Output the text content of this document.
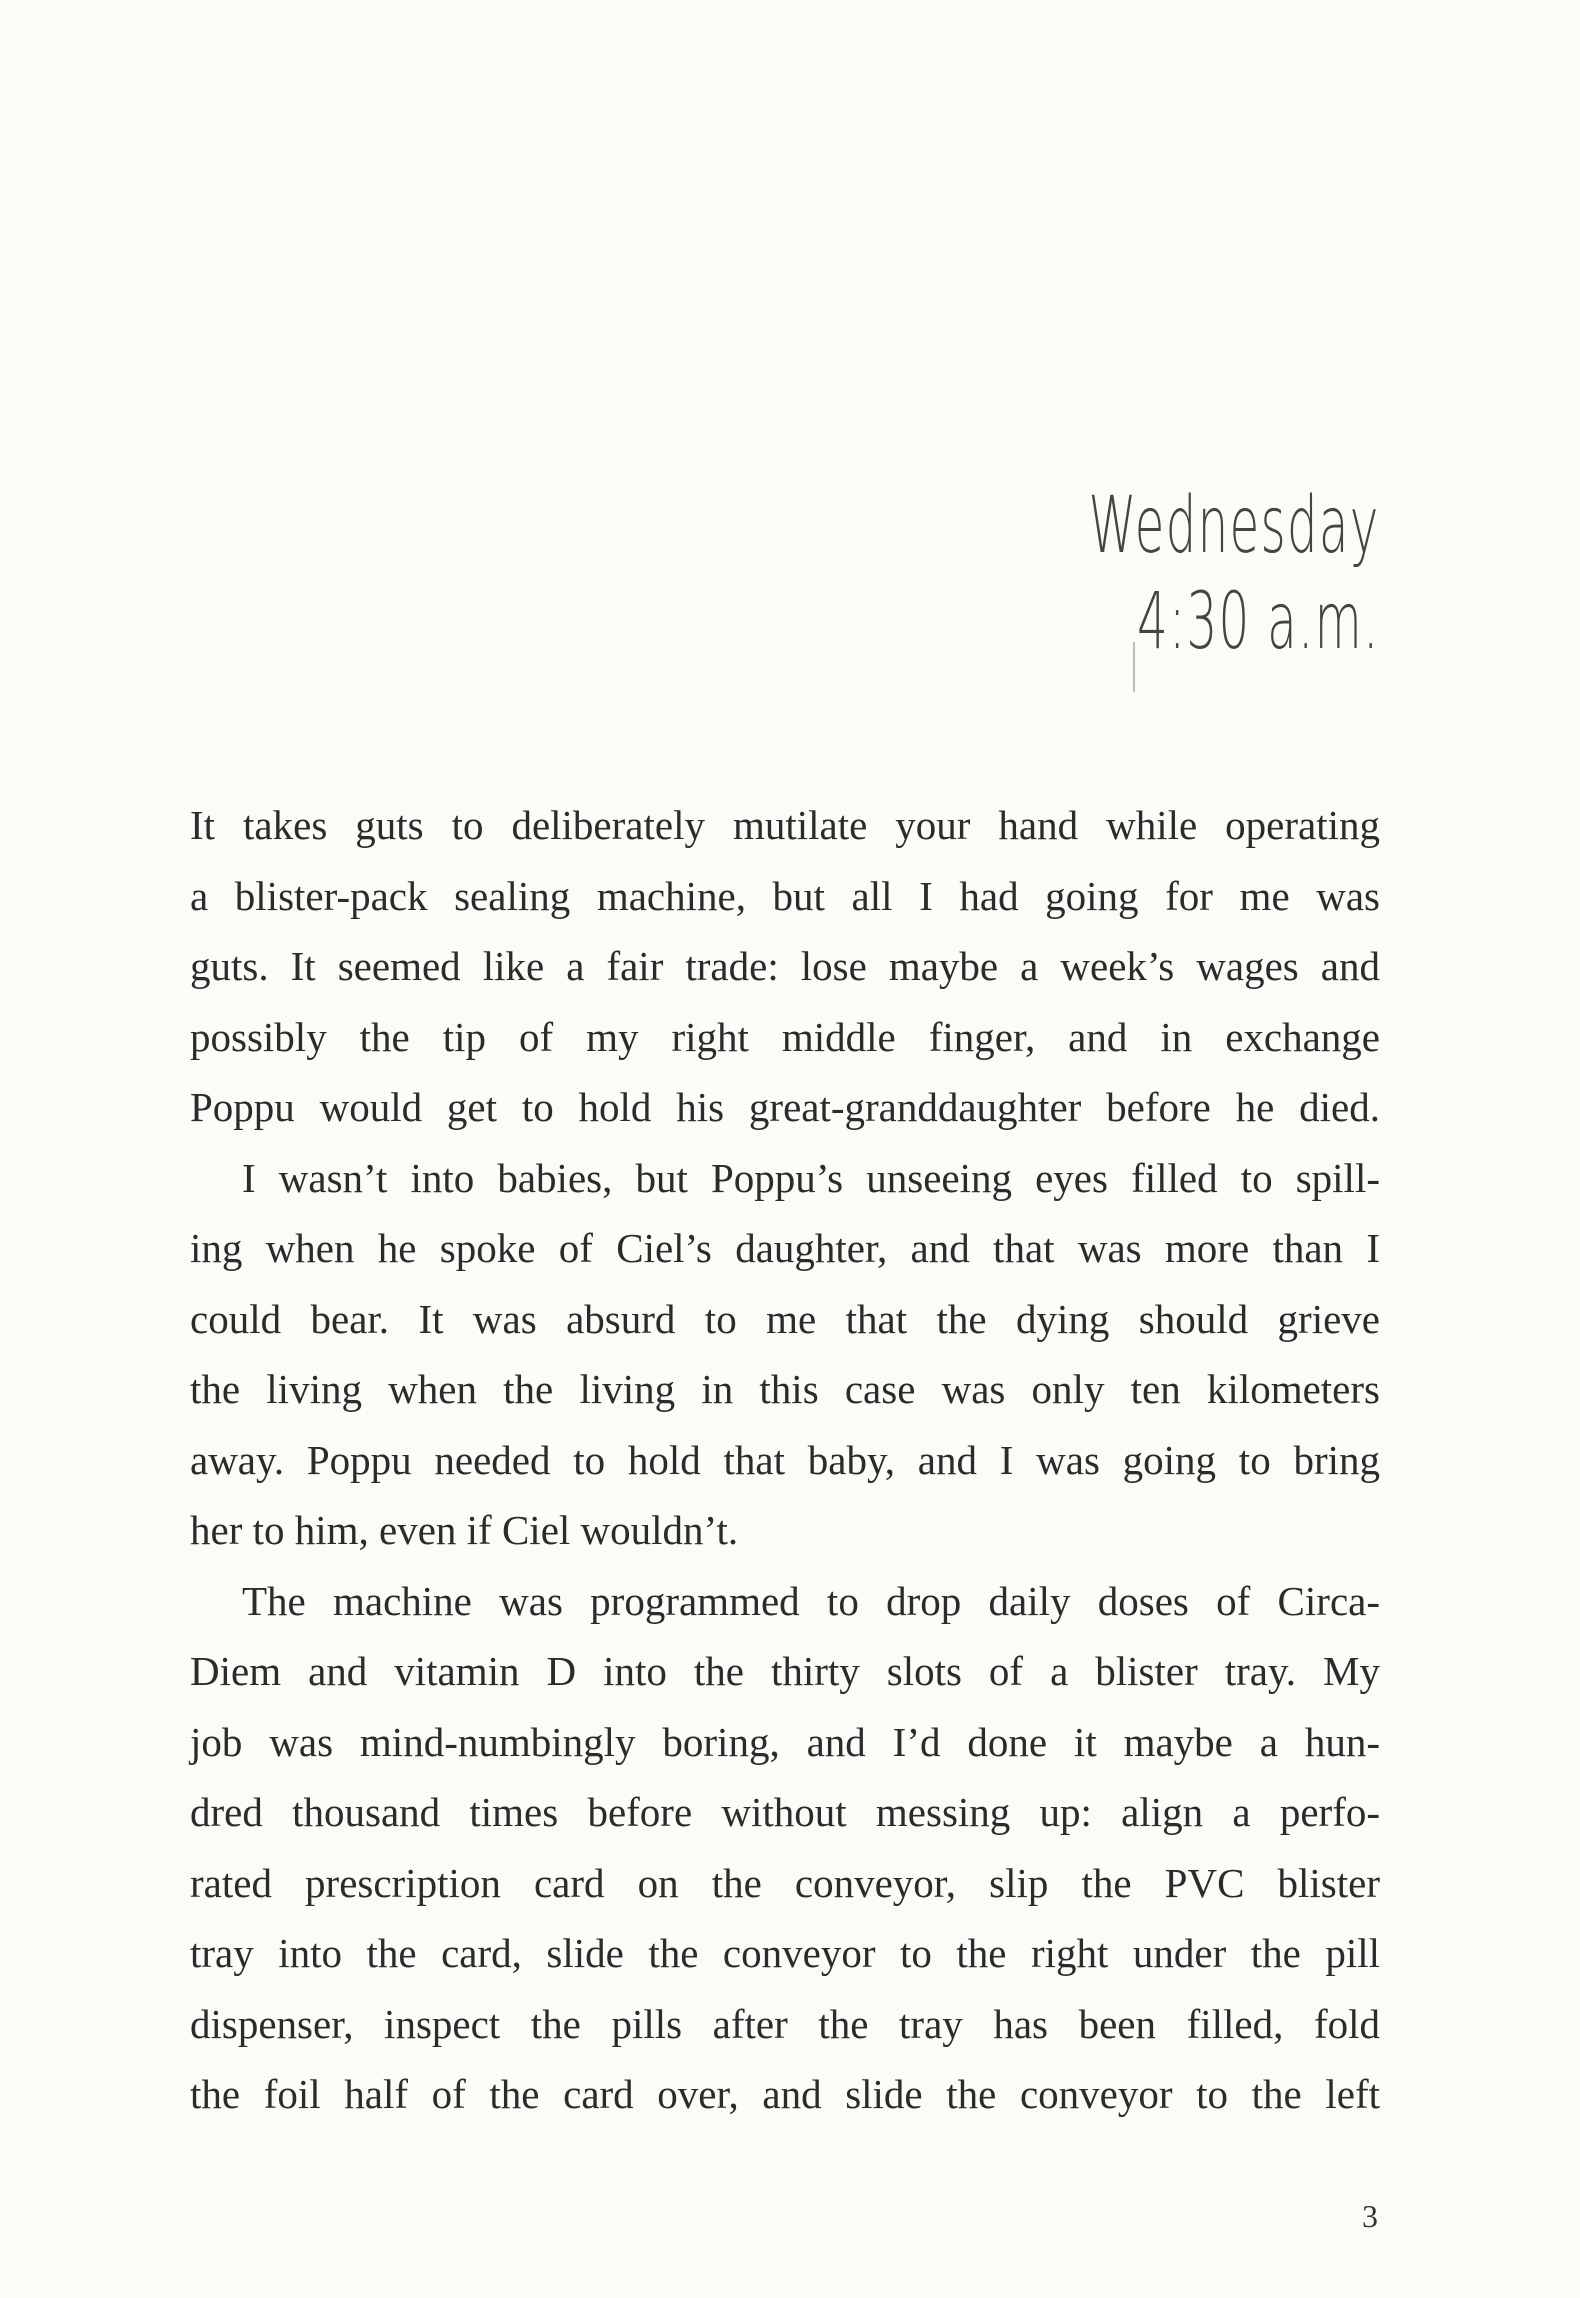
Wednesday
4:30 a.m.
It takes guts to deliberately mutilate your hand while operating
a blister-pack sealing machine, but all I had going for me was
guts. It seemed like a fair trade: lose maybe a week’s wages and
possibly the tip of my right middle finger, and in exchange
Poppu would get to hold his great-granddaughter before he died.
I wasn’t into babies, but Poppu’s unseeing eyes filled to spill-
ing when he spoke of Ciel’s daughter, and that was more than I
could bear. It was absurd to me that the dying should grieve
the living when the living in this case was only ten kilometers
away. Poppu needed to hold that baby, and I was going to bring
her to him, even if Ciel wouldn’t.
The machine was programmed to drop daily doses of Circa-
Diem and vitamin D into the thirty slots of a blister tray. My
job was mind-numbingly boring, and I’d done it maybe a hun-
dred thousand times before without messing up: align a perfo-
rated prescription card on the conveyor, slip the PVC blister
tray into the card, slide the conveyor to the right under the pill
dispenser, inspect the pills after the tray has been filled, fold
the foil half of the card over, and slide the conveyor to the left
3
